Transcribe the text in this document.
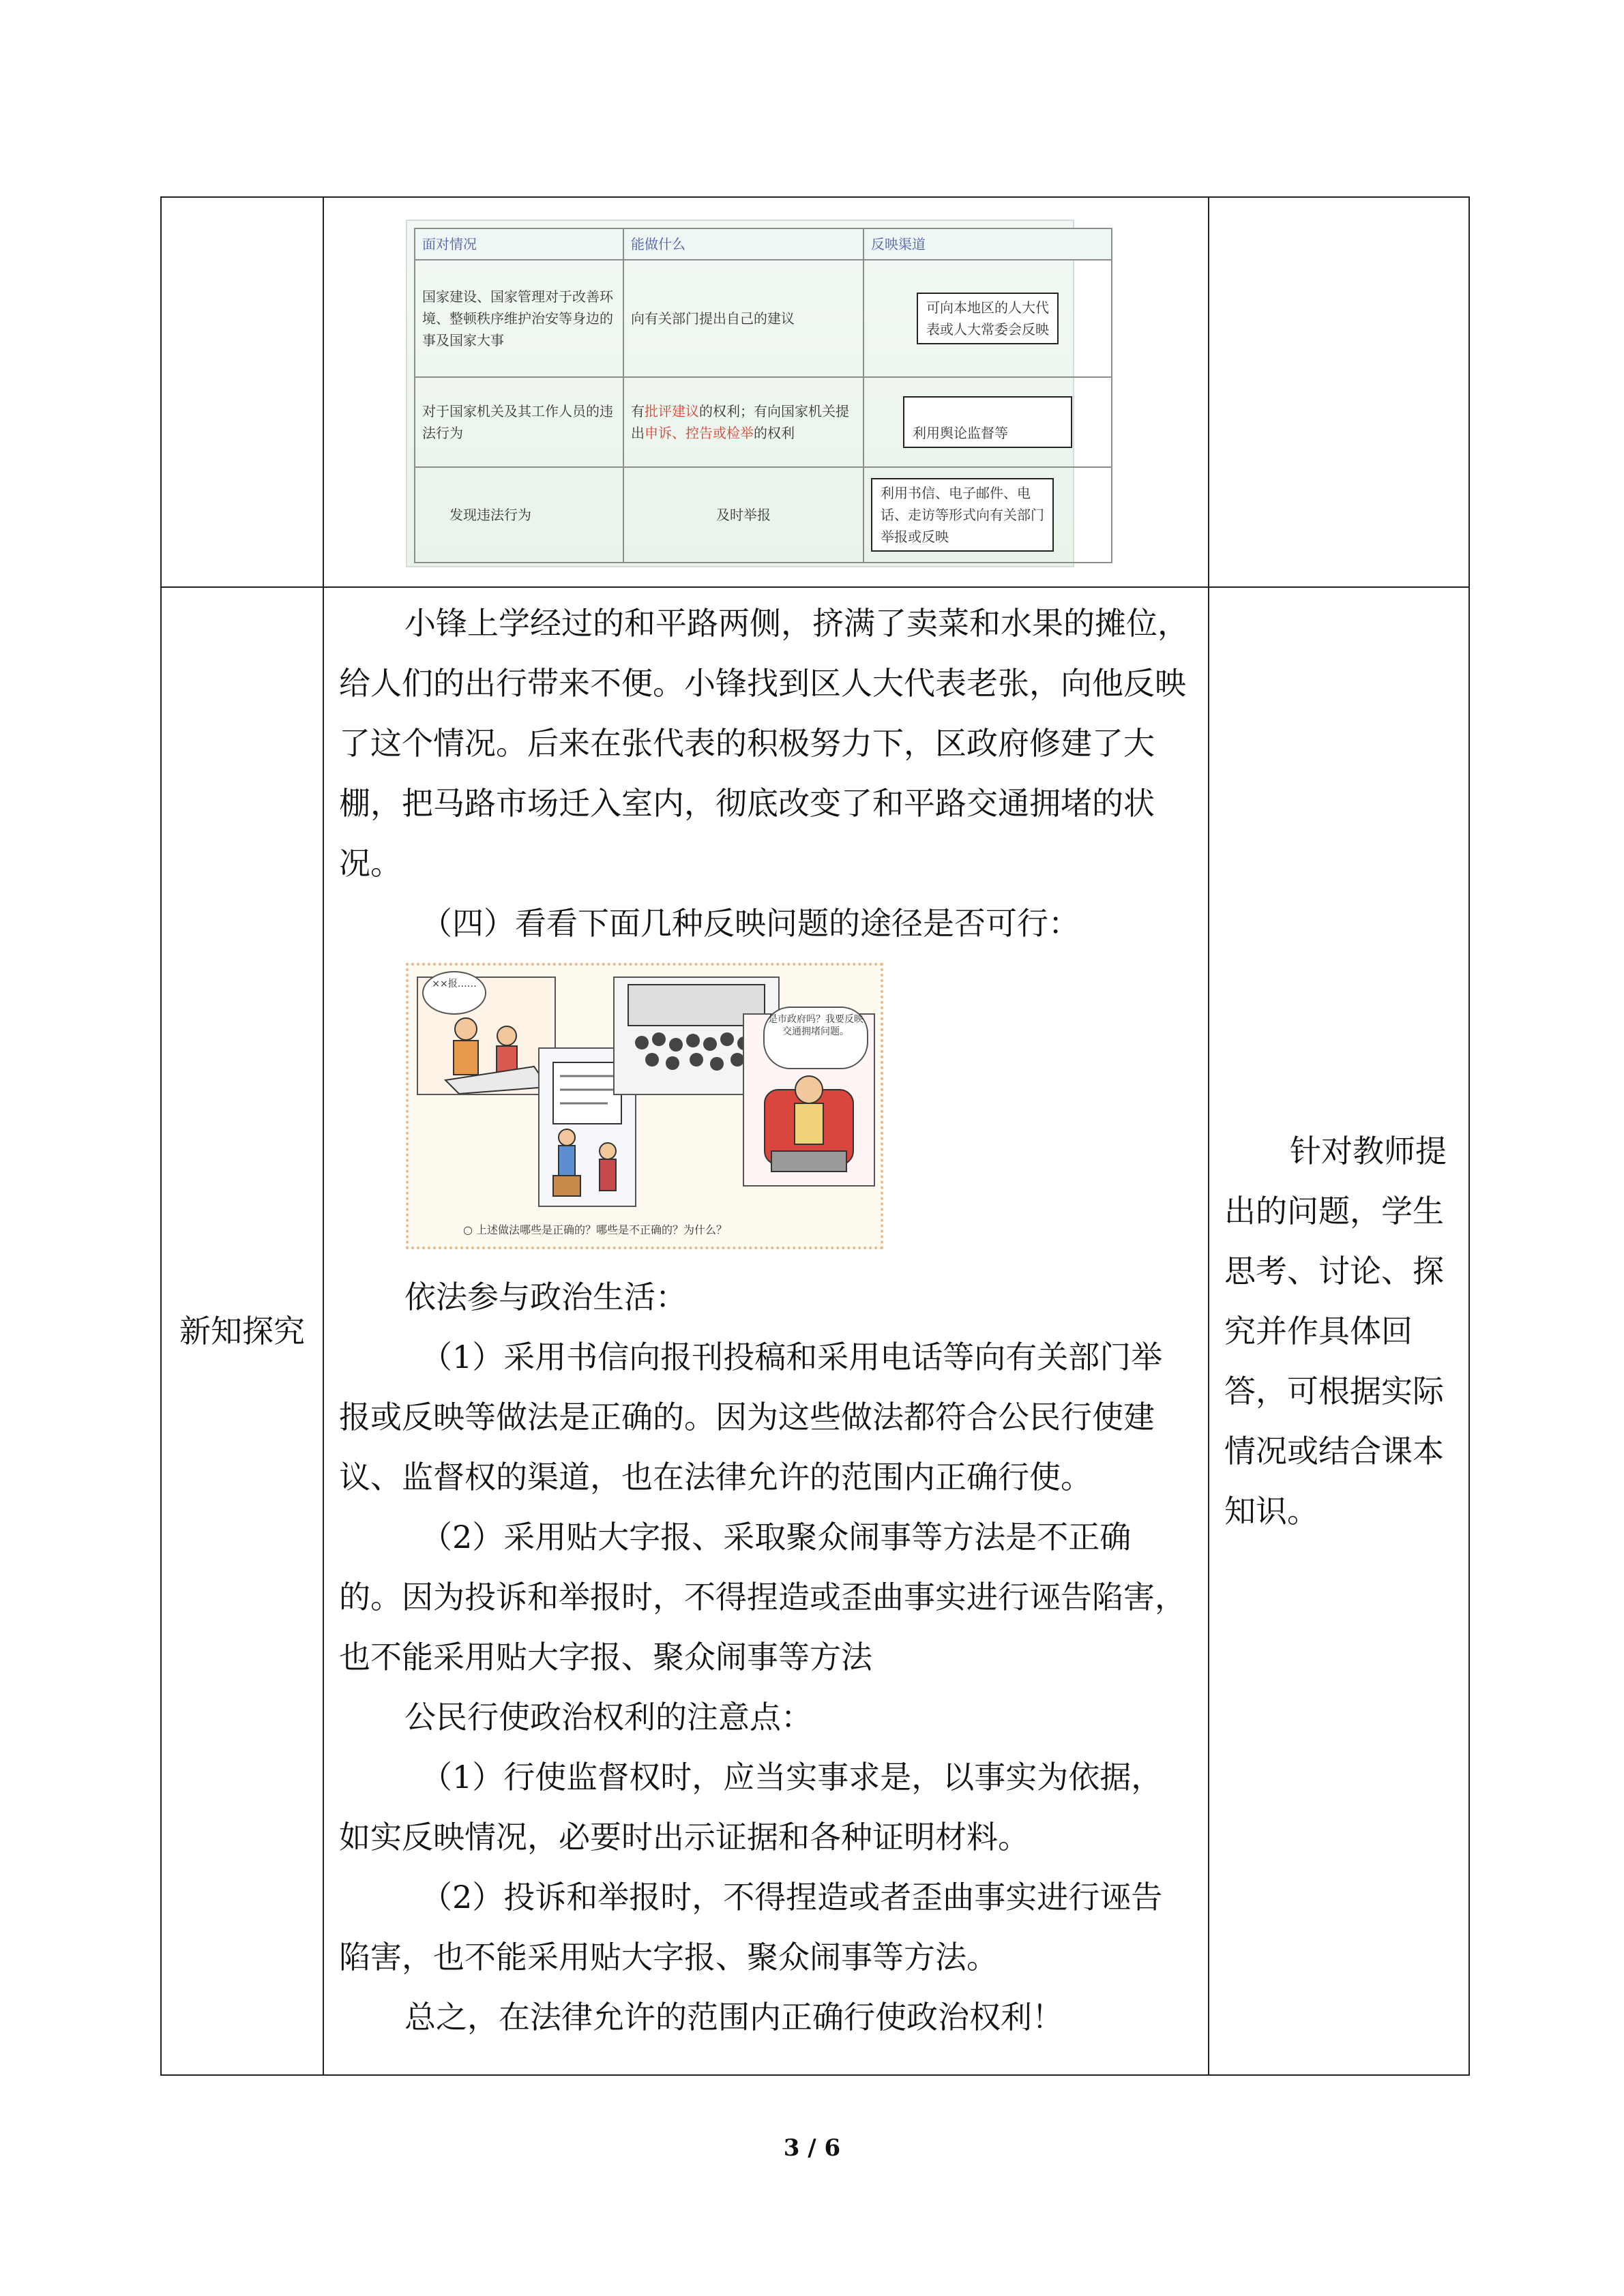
面对情况	能做什么	反映渠道
国家建设、国家管理对于改善环境、整顿秩序维护治安等身边的事及国家大事	向有关部门提出自己的建议	可向本地区的人大代表或人大常委会反映
对于国家机关及其工作人员的违法行为	有批评建议的权利；有向国家机关提出申诉、控告或检举的权利	利用舆论监督等
发现违法行为	及时举报	利用书信、电子邮件、电话、走访等形式向有关部门举报或反映

新知探究	

小锋上学经过的和平路两侧，挤满了卖菜和水果的摊位，给人们的出行带来不便。小锋找到区人大代表老张，向他反映了这个情况。后来在张代表的积极努力下，区政府修建了大棚，把马路市场迁入室内，彻底改变了和平路交通拥堵的状况。

（四）看看下面几种反映问题的途径是否可行：

××报……
是市政府吗？我要反映交通拥堵问题。
○ 上述做法哪些是正确的？哪些是不正确的？为什么？

依法参与政治生活：

（1）采用书信向报刊投稿和采用电话等向有关部门举报或反映等做法是正确的。因为这些做法都符合公民行使建议、监督权的渠道，也在法律允许的范围内正确行使。

（2）采用贴大字报、采取聚众闹事等方法是不正确的。因为投诉和举报时，不得捏造或歪曲事实进行诬告陷害，也不能采用贴大字报、聚众闹事等方法

公民行使政治权利的注意点：

（1）行使监督权时，应当实事求是，以事实为依据，如实反映情况，必要时出示证据和各种证明材料。

（2）投诉和举报时，不得捏造或者歪曲事实进行诬告陷害，也不能采用贴大字报、聚众闹事等方法。

总之，在法律允许的范围内正确行使政治权利！

针对教师提出的问题，学生思考、讨论、探究并作具体回答，可根据实际情况或结合课本知识。

3 / 6
